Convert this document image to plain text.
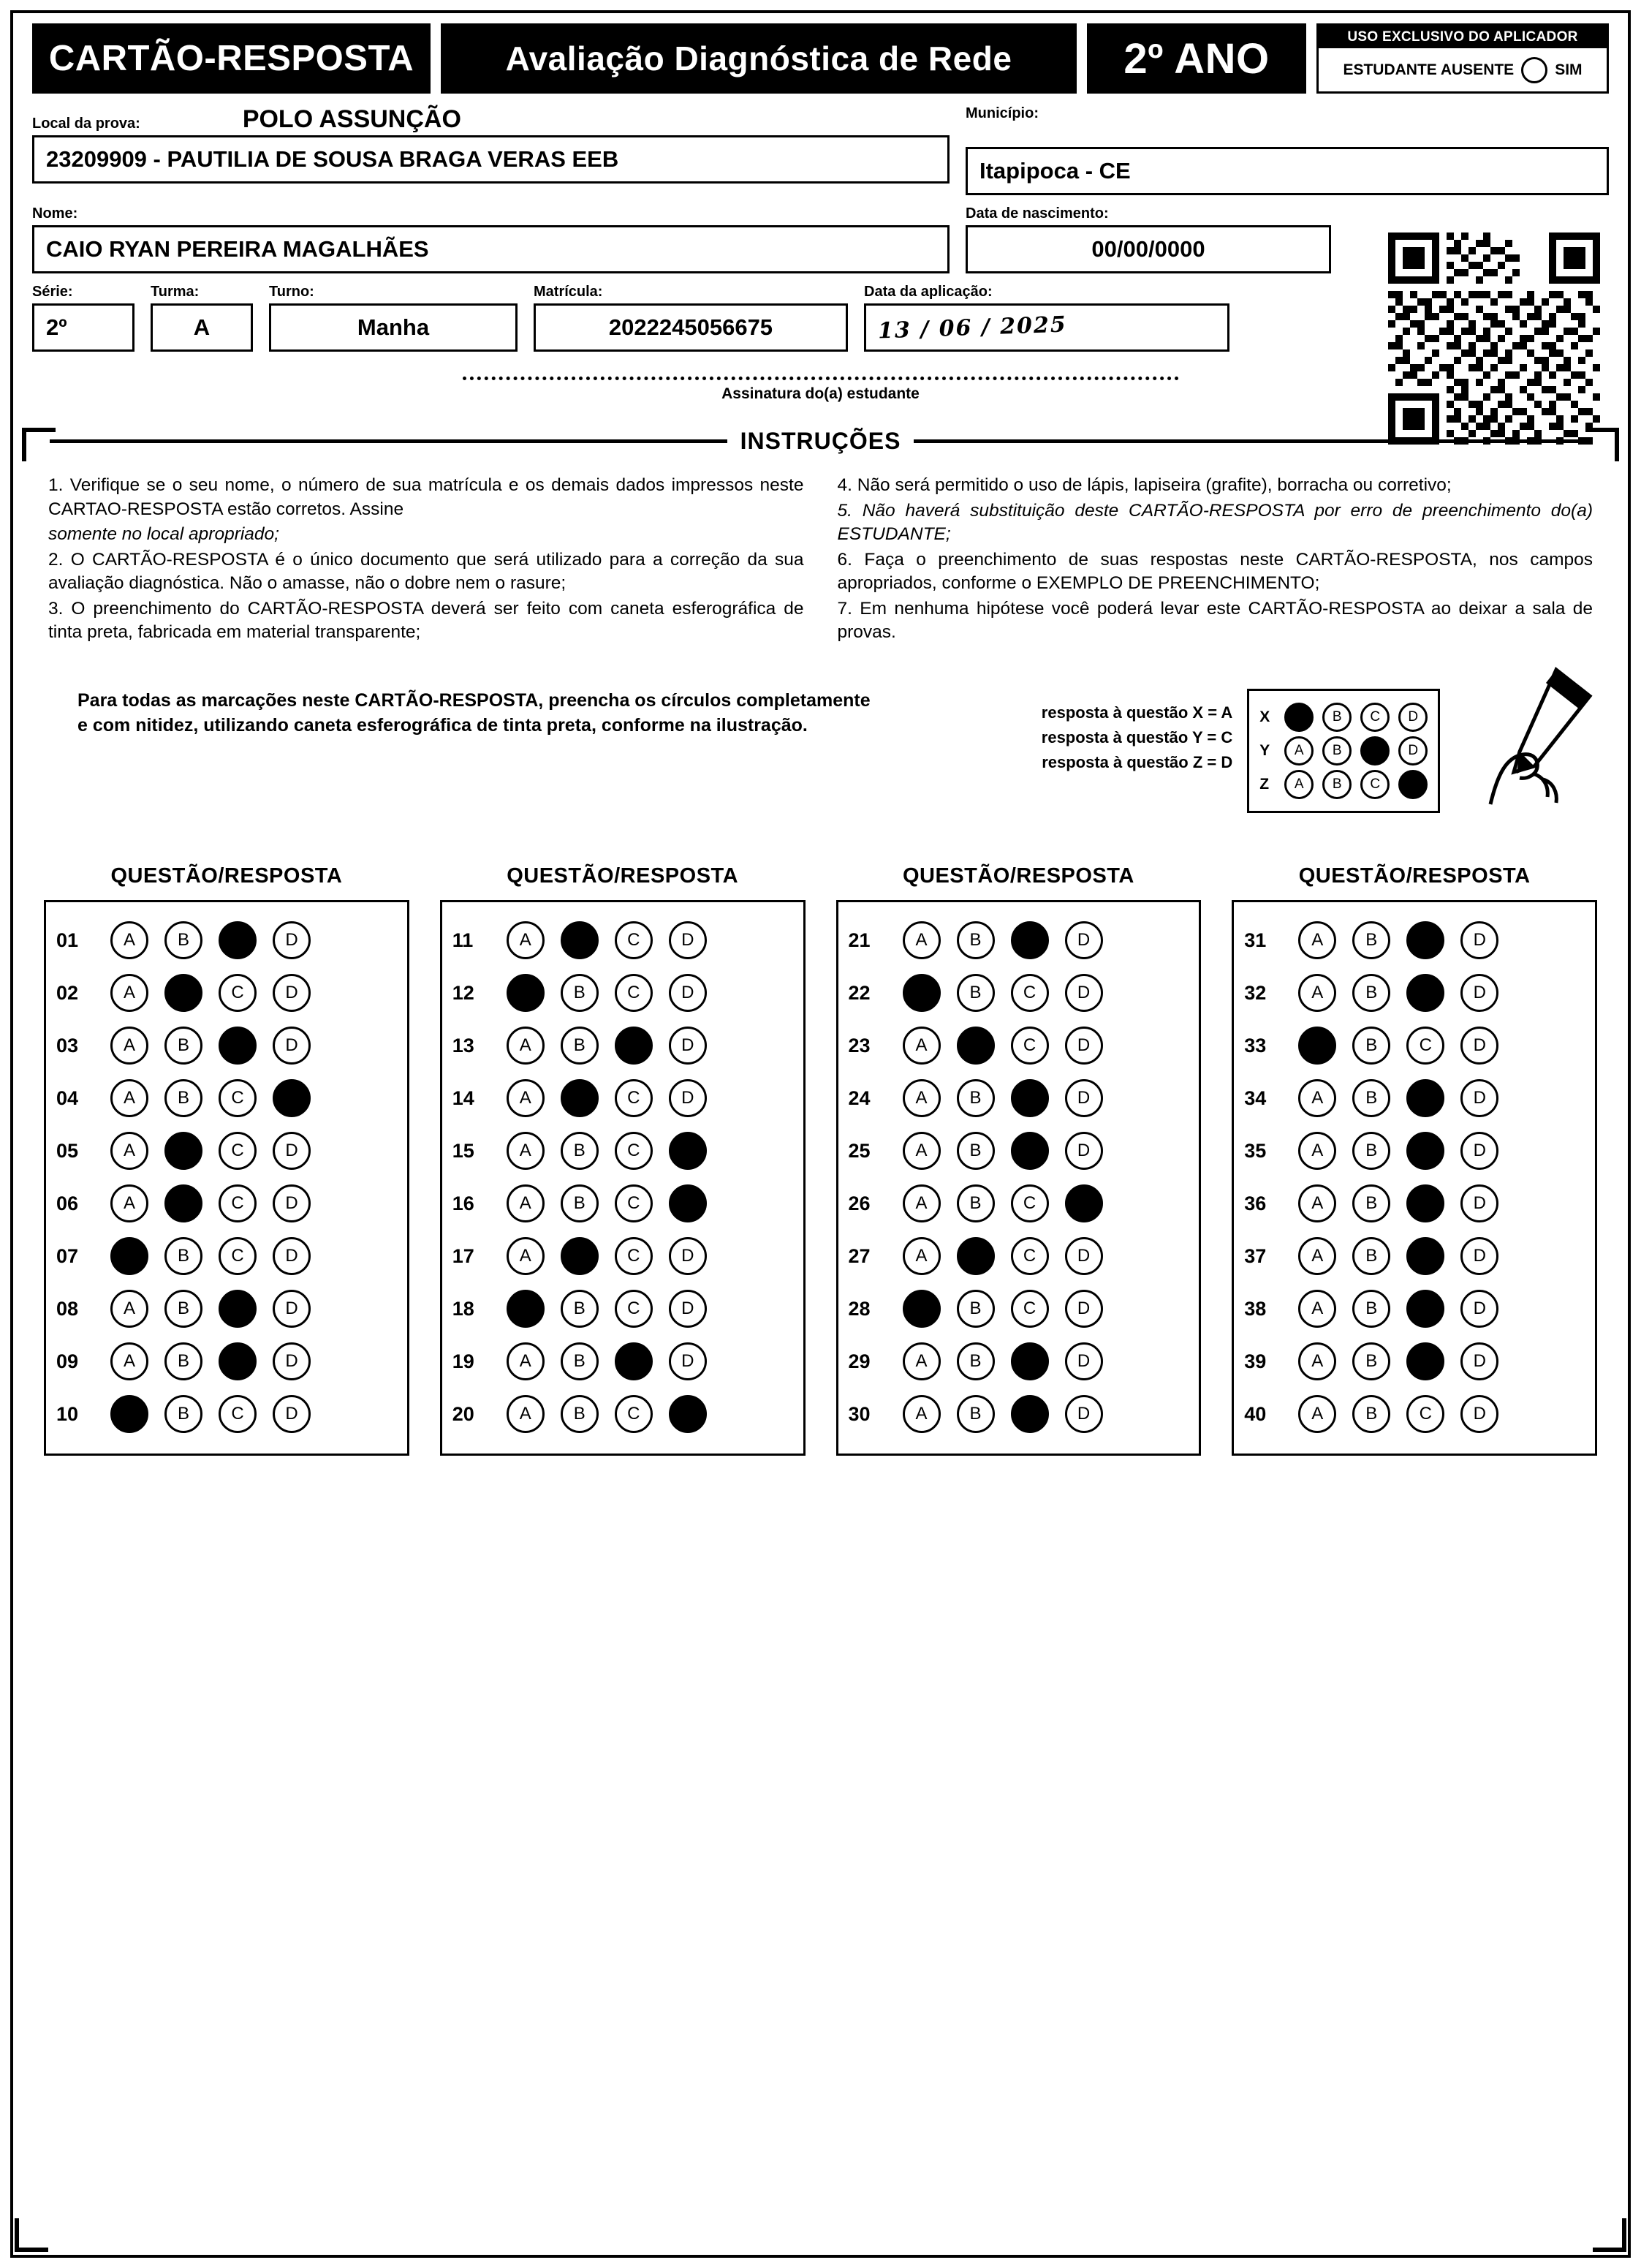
CARTÃO-RESPOSTA	Avaliação Diagnóstica de Rede	2º ANO	USO EXCLUSIVO DO APLICADOR
ESTUDANTE AUSENTE	SIM
Local da prova:	POLO ASSUNÇÃO
23209909 - PAUTILIA DE SOUSA BRAGA VERAS EEB
Município:
Itapipoca - CE
Nome:
CAIO RYAN PEREIRA MAGALHÃES
Data de nascimento:
00/00/0000
Série:
2º
Turma:
A
Turno:
Manha
Matrícula:
2022245056675
Data da aplicação:
13 / 06 / 2025
Assinatura do(a) estudante
INSTRUÇÕES

1. Verifique se o seu nome, o número de sua matrícula e os demais dados impressos neste CARTAO-RESPOSTA estão corretos. Assine

somente no local apropriado;

2. O CARTÃO-RESPOSTA é o único documento que será utilizado para a correção da sua avaliação diagnóstica. Não o amasse, não o dobre nem o rasure;

3. O preenchimento do CARTÃO-RESPOSTA deverá ser feito com caneta esferográfica de tinta preta, fabricada em material transparente;

4. Não será permitido o uso de lápis, lapiseira (grafite), borracha ou corretivo;

5. Não haverá substituição deste CARTÃO-RESPOSTA por erro de preenchimento do(a) ESTUDANTE;

6. Faça o preenchimento de suas respostas neste CARTÃO-RESPOSTA, nos campos apropriados, conforme o EXEMPLO DE PREENCHIMENTO;

7. Em nenhuma hipótese você poderá levar este CARTÃO-RESPOSTA ao deixar a sala de provas.

Para todas as marcações neste CARTÃO-RESPOSTA, preencha os círculos completamente e com nitidez, utilizando caneta esferográfica de tinta preta, conforme na ilustração.
resposta à questão X = A
resposta à questão Y = C
resposta à questão Z = D
X	A	B	C	D
Y	A	B	C	D
Z	A	B	C	D
QUESTÃO/RESPOSTA
01	A	B	C	D
02	A	B	C	D
03	A	B	C	D
04	A	B	C	D
05	A	B	C	D
06	A	B	C	D
07	A	B	C	D
08	A	B	C	D
09	A	B	C	D
10	A	B	C	D
QUESTÃO/RESPOSTA
11	A	B	C	D
12	A	B	C	D
13	A	B	C	D
14	A	B	C	D
15	A	B	C	D
16	A	B	C	D
17	A	B	C	D
18	A	B	C	D
19	A	B	C	D
20	A	B	C	D
QUESTÃO/RESPOSTA
21	A	B	C	D
22	A	B	C	D
23	A	B	C	D
24	A	B	C	D
25	A	B	C	D
26	A	B	C	D
27	A	B	C	D
28	A	B	C	D
29	A	B	C	D
30	A	B	C	D
QUESTÃO/RESPOSTA
31	A	B	C	D
32	A	B	C	D
33	A	B	C	D
34	A	B	C	D
35	A	B	C	D
36	A	B	C	D
37	A	B	C	D
38	A	B	C	D
39	A	B	C	D
40	A	B	C	D
